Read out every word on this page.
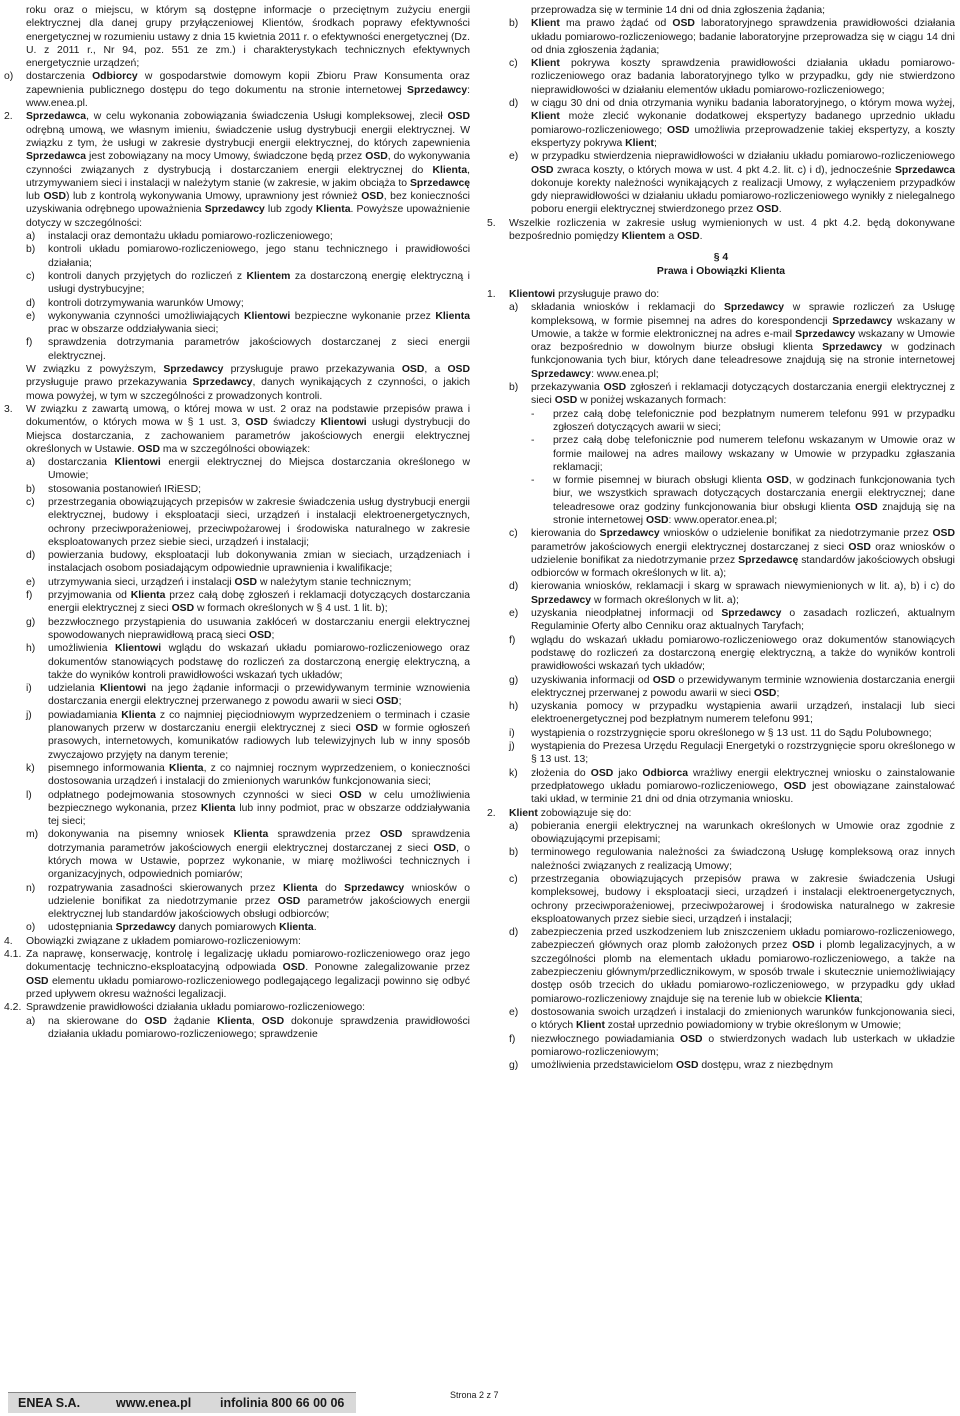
roku oraz o miejscu, w którym są dostępne informacje o przeciętnym zużyciu energii elektrycznej dla danej grupy przyłączeniowej Klientów, środkach poprawy efektywności energetycznej w rozumieniu ustawy z dnia 15 kwietnia 2011 r. o efektywności energetycznej (Dz. U. z 2011 r., Nr 94, poz. 551 ze zm.) i charakterystykach technicznych efektywnych energetycznie urządzeń;
o) dostarczenia Odbiorcy w gospodarstwie domowym kopii Zbioru Praw Konsumenta oraz zapewnienia publicznego dostępu do tego dokumentu na stronie internetowej Sprzedawcy: www.enea.pl.
2. Sprzedawca, w celu wykonania zobowiązania świadczenia Usługi kompleksowej, zlecił OSD odrębną umową, we własnym imieniu, świadczenie usług dystrybucji energii elektrycznej. W związku z tym, że usługi w zakresie dystrybucji energii elektrycznej, do których zapewnienia Sprzedawca jest zobowiązany na mocy Umowy, świadczone będą przez OSD, do wykonywania czynności związanych z dystrybucją i dostarczaniem energii elektrycznej do Klienta, utrzymywaniem sieci i instalacji w należytym stanie (w zakresie, w jakim obciąża to Sprzedawcę lub OSD) lub z kontrolą wykonywania Umowy, uprawniony jest również OSD, bez konieczności uzyskiwania odrębnego upoważnienia Sprzedawcy lub zgody Klienta. Powyższe upoważnienie dotyczy w szczególności:
a) instalacji oraz demontażu układu pomiarowo-rozliczeniowego;
b) kontroli układu pomiarowo-rozliczeniowego, jego stanu technicznego i prawidłowości działania;
c) kontroli danych przyjętych do rozliczeń z Klientem za dostarczoną energię elektryczną i usługi dystrybucyjne;
d) kontroli dotrzymywania warunków Umowy;
e) wykonywania czynności umożliwiających Klientowi bezpieczne wykonanie przez Klienta prac w obszarze oddziaływania sieci;
f) sprawdzenia dotrzymania parametrów jakościowych dostarczanej z sieci energii elektrycznej.
W związku z powyższym, Sprzedawcy przysługuje prawo przekazywania OSD, a OSD przysługuje prawo przekazywania Sprzedawcy, danych wynikających z czynności, o jakich mowa powyżej, w tym w szczególności z prowadzonych kontroli.
3. W związku z zawartą umową, o której mowa w ust. 2 oraz na podstawie przepisów prawa i dokumentów, o których mowa w § 1 ust. 3, OSD świadczy Klientowi usługi dystrybucji do Miejsca dostarczania, z zachowaniem parametrów jakościowych energii elektrycznej określonych w Ustawie. OSD ma w szczególności obowiązek:
a) dostarczania Klientowi energii elektrycznej do Miejsca dostarczania określonego w Umowie;
b) stosowania postanowień IRiESD;
c) przestrzegania obowiązujących przepisów w zakresie świadczenia usług dystrybucji energii elektrycznej, budowy i eksploatacji sieci, urządzeń i instalacji elektroenergetycznych, ochrony przeciwporażeniowej, przeciwpożarowej i środowiska naturalnego w zakresie eksploatowanych przez siebie sieci, urządzeń i instalacji;
d) powierzania budowy, eksploatacji lub dokonywania zmian w sieciach, urządzeniach i instalacjach osobom posiadającym odpowiednie uprawnienia i kwalifikacje;
e) utrzymywania sieci, urządzeń i instalacji OSD w należytym stanie technicznym;
f) przyjmowania od Klienta przez całą dobę zgłoszeń i reklamacji dotyczących dostarczania energii elektrycznej z sieci OSD w formach określonych w § 4 ust. 1 lit. b);
g) bezzwłocznego przystąpienia do usuwania zakłóceń w dostarczaniu energii elektrycznej spowodowanych nieprawidłową pracą sieci OSD;
h) umożliwienia Klientowi wglądu do wskazań układu pomiarowo-rozliczeniowego oraz dokumentów stanowiących podstawę do rozliczeń za dostarczoną energię elektryczną, a także do wyników kontroli prawidłowości wskazań tych układów;
i) udzielania Klientowi na jego żądanie informacji o przewidywanym terminie wznowienia dostarczania energii elektrycznej przerwanego z powodu awarii w sieci OSD;
j) powiadamiania Klienta z co najmniej pięciodniowym wyprzedzeniem o terminach i czasie planowanych przerw w dostarczaniu energii elektrycznej z sieci OSD w formie ogłoszeń prasowych, internetowych, komunikatów radiowych lub telewizyjnych lub w inny sposób zwyczajowo przyjęty na danym terenie;
k) pisemnego informowania Klienta, z co najmniej rocznym wyprzedzeniem, o konieczności dostosowania urządzeń i instalacji do zmienionych warunków funkcjonowania sieci;
l) odpłatnego podejmowania stosownych czynności w sieci OSD w celu umożliwienia bezpiecznego wykonania, przez Klienta lub inny podmiot, prac w obszarze oddziaływania tej sieci;
m) dokonywania na pisemny wniosek Klienta sprawdzenia przez OSD sprawdzenia dotrzymania parametrów jakościowych energii elektrycznej dostarczanej z sieci OSD, o których mowa w Ustawie, poprzez wykonanie, w miarę możliwości technicznych i organizacyjnych, odpowiednich pomiarów;
n) rozpatrywania zasadności skierowanych przez Klienta do Sprzedawcy wniosków o udzielenie bonifikat za niedotrzymanie przez OSD parametrów jakościowych energii elektrycznej lub standardów jakościowych obsługi odbiorców;
o) udostępniania Sprzedawcy danych pomiarowych Klienta.
4. Obowiązki związane z układem pomiarowo-rozliczeniowym:
4.1. Za naprawę, konserwację, kontrolę i legalizację układu pomiarowo-rozliczeniowego oraz jego dokumentację techniczno-eksploatacyjną odpowiada OSD. Ponowne zalegalizowanie przez OSD elementu układu pomiarowo-rozliczeniowego podlegającego legalizacji powinno się odbyć przed upływem okresu ważności legalizacji.
4.2. Sprawdzenie prawidłowości działania układu pomiarowo-rozliczeniowego:
a) na skierowane do OSD żądanie Klienta, OSD dokonuje sprawdzenia prawidłowości działania układu pomiarowo-rozliczeniowego; sprawdzenie
przeprowadza się w terminie 14 dni od dnia zgłoszenia żądania;
b) Klient ma prawo żądać od OSD laboratoryjnego sprawdzenia prawidłowości działania układu pomiarowo-rozliczeniowego; badanie laboratoryjne przeprowadza się w ciągu 14 dni od dnia zgłoszenia żądania;
c) Klient pokrywa koszty sprawdzenia prawidłowości działania układu pomiarowo-rozliczeniowego oraz badania laboratoryjnego tylko w przypadku, gdy nie stwierdzono nieprawidłowości w działaniu elementów układu pomiarowo-rozliczeniowego;
d) w ciągu 30 dni od dnia otrzymania wyniku badania laboratoryjnego, o którym mowa wyżej, Klient może zlecić wykonanie dodatkowej ekspertyzy badanego uprzednio układu pomiarowo-rozliczeniowego; OSD umożliwia przeprowadzenie takiej ekspertyzy, a koszty ekspertyzy pokrywa Klient;
e) w przypadku stwierdzenia nieprawidłowości w działaniu układu pomiarowo-rozliczeniowego OSD zwraca koszty, o których mowa w ust. 4 pkt 4.2. lit. c) i d), jednocześnie Sprzedawca dokonuje korekty należności wynikających z realizacji Umowy, z wyłączeniem przypadków gdy nieprawidłowości w działaniu układu pomiarowo-rozliczeniowego wynikły z nielegalnego poboru energii elektrycznej stwierdzonego przez OSD.
5. Wszelkie rozliczenia w zakresie usług wymienionych w ust. 4 pkt 4.2. będą dokonywane bezpośrednio pomiędzy Klientem a OSD.
§ 4
Prawa i Obowiązki Klienta
1. Klientowi przysługuje prawo do:
a) składania wniosków i reklamacji do Sprzedawcy w sprawie rozliczeń za Usługę kompleksową, w formie pisemnej na adres do korespondencji Sprzedawcy wskazany w Umowie, a także w formie elektronicznej na adres e-mail Sprzedawcy wskazany w Umowie oraz bezpośrednio w dowolnym biurze obsługi klienta Sprzedawcy w godzinach funkcjonowania tych biur, których dane teleadresowe znajdują się na stronie internetowej Sprzedawcy: www.enea.pl;
b) przekazywania OSD zgłoszeń i reklamacji dotyczących dostarczania energii elektrycznej z sieci OSD w poniżej wskazanych formach:
- przez całą dobę telefonicznie pod bezpłatnym numerem telefonu 991 w przypadku zgłoszeń dotyczących awarii w sieci;
- przez całą dobę telefonicznie pod numerem telefonu wskazanym w Umowie oraz w formie mailowej na adres mailowy wskazany w Umowie w przypadku zgłaszania reklamacji;
- w formie pisemnej w biurach obsługi klienta OSD, w godzinach funkcjonowania tych biur, we wszystkich sprawach dotyczących dostarczania energii elektrycznej; dane teleadresowe oraz godziny funkcjonowania biur obsługi klienta OSD znajdują się na stronie internetowej OSD: www.operator.enea.pl;
c) kierowania do Sprzedawcy wniosków o udzielenie bonifikat za niedotrzymanie przez OSD parametrów jakościowych energii elektrycznej dostarczanej z sieci OSD oraz wniosków o udzielenie bonifikat za niedotrzymanie przez Sprzedawcę standardów jakościowych obsługi odbiorców w formach określonych w lit. a);
d) kierowania wniosków, reklamacji i skarg w sprawach niewymienionych w lit. a), b) i c) do Sprzedawcy w formach określonych w lit. a);
e) uzyskania nieodpłatnej informacji od Sprzedawcy o zasadach rozliczeń, aktualnym Regulaminie Oferty albo Cenniku oraz aktualnych Taryfach;
f) wglądu do wskazań układu pomiarowo-rozliczeniowego oraz dokumentów stanowiących podstawę do rozliczeń za dostarczoną energię elektryczną, a także do wyników kontroli prawidłowości wskazań tych układów;
g) uzyskiwania informacji od OSD o przewidywanym terminie wznowienia dostarczania energii elektrycznej przerwanej z powodu awarii w sieci OSD;
h) uzyskania pomocy w przypadku wystąpienia awarii urządzeń, instalacji lub sieci elektroenergetycznej pod bezpłatnym numerem telefonu 991;
i) wystąpienia o rozstrzygnięcie sporu określonego w § 13 ust. 11 do Sądu Polubownego;
j) wystąpienia do Prezesa Urzędu Regulacji Energetyki o rozstrzygnięcie sporu określonego w § 13 ust. 13;
k) złożenia do OSD jako Odbiorca wrażliwy energii elektrycznej wniosku o zainstalowanie przedpłatowego układu pomiarowo-rozliczeniowego, OSD jest obowiązane zainstalować taki układ, w terminie 21 dni od dnia otrzymania wniosku.
2. Klient zobowiązuje się do:
a) pobierania energii elektrycznej na warunkach określonych w Umowie oraz zgodnie z obowiązującymi przepisami;
b) terminowego regulowania należności za świadczoną Usługę kompleksową oraz innych należności związanych z realizacją Umowy;
c) przestrzegania obowiązujących przepisów prawa w zakresie świadczenia Usługi kompleksowej, budowy i eksploatacji sieci, urządzeń i instalacji elektroenergetycznych, ochrony przeciwporażeniowej, przeciwpożarowej i środowiska naturalnego w zakresie eksploatowanych przez siebie sieci, urządzeń i instalacji;
d) zabezpieczenia przed uszkodzeniem lub zniszczeniem układu pomiarowo-rozliczeniowego, zabezpieczeń głównych oraz plomb założonych przez OSD i plomb legalizacyjnych, a w szczególności plomb na elementach układu pomiarowo-rozliczeniowego, a także na zabezpieczeniu głównym/przedlicznikowym, w sposób trwale i skutecznie uniemożliwiający dostęp osób trzecich do układu pomiarowo-rozliczeniowego, w przypadku gdy układ pomiarowo-rozliczeniowy znajduje się na terenie lub w obiekcie Klienta;
e) dostosowania swoich urządzeń i instalacji do zmienionych warunków funkcjonowania sieci, o których Klient został uprzednio powiadomiony w trybie określonym w Umowie;
f) niezwłocznego powiadamiania OSD o stwierdzonych wadach lub usterkach w układzie pomiarowo-rozliczeniowym;
g) umożliwienia przedstawicielom OSD dostępu, wraz z niezbędnym
ENEA S.A.	www.enea.pl infolinia 800 66 00 06
Strona 2 z 7
